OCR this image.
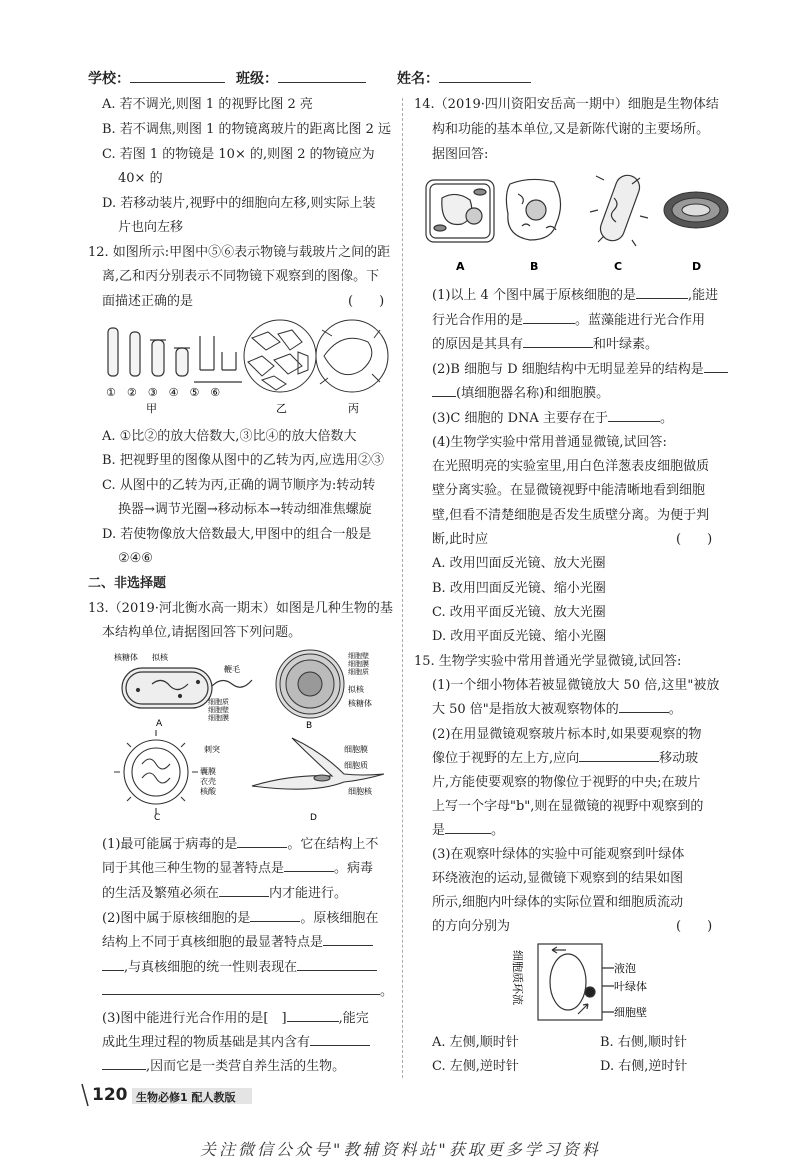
学校：	班级：	姓名：
A. 若不调光,则图 1 的视野比图 2 亮
B. 若不调焦,则图 1 的物镜离玻片的距离比图 2 远
C. 若图 1 的物镜是 10× 的,则图 2 的物镜应为
40× 的
D. 若移动装片,视野中的细胞向左移,则实际上装
片也向左移
12. 如图所示:甲图中⑤⑥表示物镜与载玻片之间的距
离,乙和丙分别表示不同物镜下观察到的图像。下
面描述正确的是	(　　)
①　②　③　④　⑤　⑥
甲	乙	丙
A. ①比②的放大倍数大,③比④的放大倍数大
B. 把视野里的图像从图中的乙转为丙,应选用②③
C. 从图中的乙转为丙,正确的调节顺序为:转动转
换器→调节光圈→移动标本→转动细准焦螺旋
D. 若使物像放大倍数最大,甲图中的组合一般是
②④⑥
二、非选择题
13.（2019·河北衡水高一期末）如图是几种生物的基
本结构单位,请据图回答下列问题。
核糖体 拟核
鞭毛
细胞质
细胞壁
细胞膜
A
细胞壁
细胞膜
细胞质
拟核
核糖体
B
刺突
囊膜
衣壳
核酸
C
细胞膜
细胞质
细胞核
D
(1)最可能属于病毒的是	。它在结构上不
同于其他三种生物的显著特点是	。病毒
的生活及繁殖必须在	内才能进行。
(2)图中属于原核细胞的是	。原核细胞在
结构上不同于真核细胞的最显著特点是
,与真核细胞的统一性则表现在
。
(3)图中能进行光合作用的是[　]	,能完
成此生理过程的物质基础是其内含有
,因而它是一类营自养生活的生物。
14.（2019·四川资阳安岳高一期中）细胞是生物体结
构和功能的基本单位,又是新陈代谢的主要场所。
据图回答:
A	B	C	D
(1)以上 4 个图中属于原核细胞的是	,能进
行光合作用的是	。蓝藻能进行光合作用
的原因是其具有	和叶绿素。
(2)B 细胞与 D 细胞结构中无明显差异的结构是
(填细胞器名称)和细胞膜。
(3)C 细胞的 DNA 主要存在于	。
(4)生物学实验中常用普通显微镜,试回答:
在光照明亮的实验室里,用白色洋葱表皮细胞做质
壁分离实验。在显微镜视野中能清晰地看到细胞
壁,但看不清楚细胞是否发生质壁分离。为便于判
断,此时应	(　　)
A. 改用凹面反光镜、放大光圈
B. 改用凹面反光镜、缩小光圈
C. 改用平面反光镜、放大光圈
D. 改用平面反光镜、缩小光圈
15. 生物学实验中常用普通光学显微镜,试回答:
(1)一个细小物体若被显微镜放大 50 倍,这里"被放
大 50 倍"是指放大被观察物体的	。
(2)在用显微镜观察玻片标本时,如果要观察的物
像位于视野的左上方,应向	移动玻
片,方能使要观察的物像位于视野的中央;在玻片
上写一个字母"b",则在显微镜的视野中观察到的
是	。
(3)在观察叶绿体的实验中可能观察到叶绿体
环绕液泡的运动,显微镜下观察到的结果如图
所示,细胞内叶绿体的实际位置和细胞质流动
的方向分别为	(　　)
细胞质环流	液泡
叶绿体
细胞壁
A. 左侧,顺时针	B. 右侧,顺时针
C. 左侧,逆时针	D. 右侧,逆时针
120 生物必修1 配人教版
关注微信公众号"教辅资料站"获取更多学习资料
